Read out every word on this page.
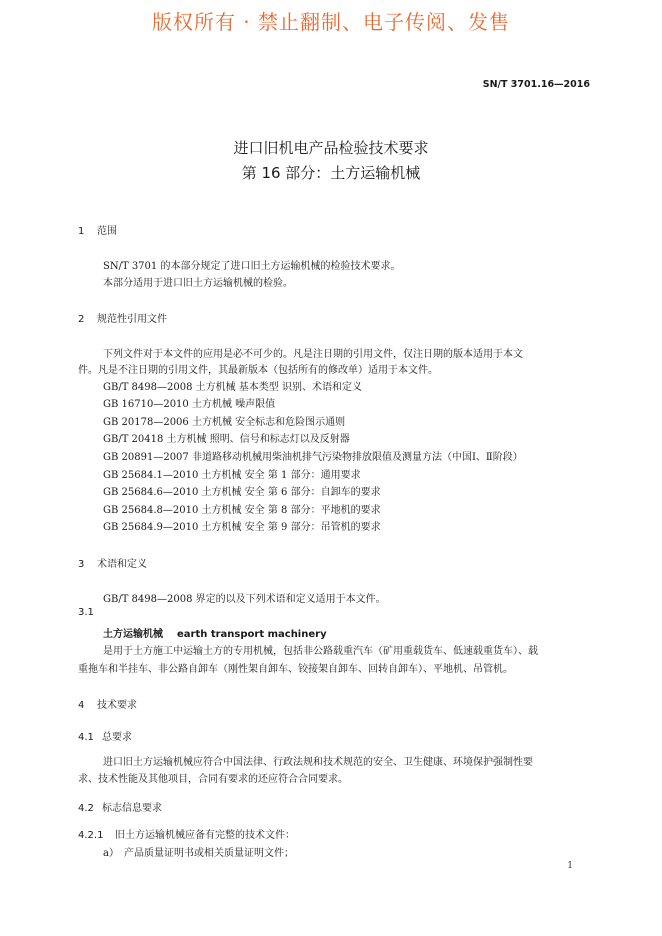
版权所有 · 禁止翻制、电子传阅、发售
SN/T 3701.16—2016
进口旧机电产品检验技术要求
第 16 部分：土方运输机械
1 范围
SN/T 3701 的本部分规定了进口旧土方运输机械的检验技术要求。
本部分适用于进口旧土方运输机械的检验。
2 规范性引用文件
下列文件对于本文件的应用是必不可少的。凡是注日期的引用文件，仅注日期的版本适用于本文
件。凡是不注日期的引用文件，其最新版本（包括所有的修改单）适用于本文件。
GB/T 8498—2008 土方机械 基本类型 识别、术语和定义
GB 16710—2010 土方机械 噪声限值
GB 20178—2006 土方机械 安全标志和危险图示通则
GB/T 20418 土方机械 照明、信号和标志灯以及反射器
GB 20891—2007 非道路移动机械用柴油机排气污染物排放限值及测量方法（中国Ⅰ、Ⅱ阶段）
GB 25684.1—2010 土方机械 安全 第 1 部分：通用要求
GB 25684.6—2010 土方机械 安全 第 6 部分：自卸车的要求
GB 25684.8—2010 土方机械 安全 第 8 部分：平地机的要求
GB 25684.9—2010 土方机械 安全 第 9 部分：吊管机的要求
3 术语和定义
GB/T 8498—2008 界定的以及下列术语和定义适用于本文件。
3.1
土方运输机械 earth transport machinery
是用于土方施工中运输土方的专用机械，包括非公路载重汽车（矿用重载货车、低速载重货车）、载
重拖车和半挂车、非公路自卸车（刚性架自卸车、铰接架自卸车、回转自卸车）、平地机、吊管机。
4 技术要求
4.1 总要求
进口旧土方运输机械应符合中国法律、行政法规和技术规范的安全、卫生健康、环境保护强制性要
求、技术性能及其他项目，合同有要求的还应符合合同要求。
4.2 标志信息要求
4.2.1 旧土方运输机械应备有完整的技术文件：
a） 产品质量证明书或相关质量证明文件；
1
